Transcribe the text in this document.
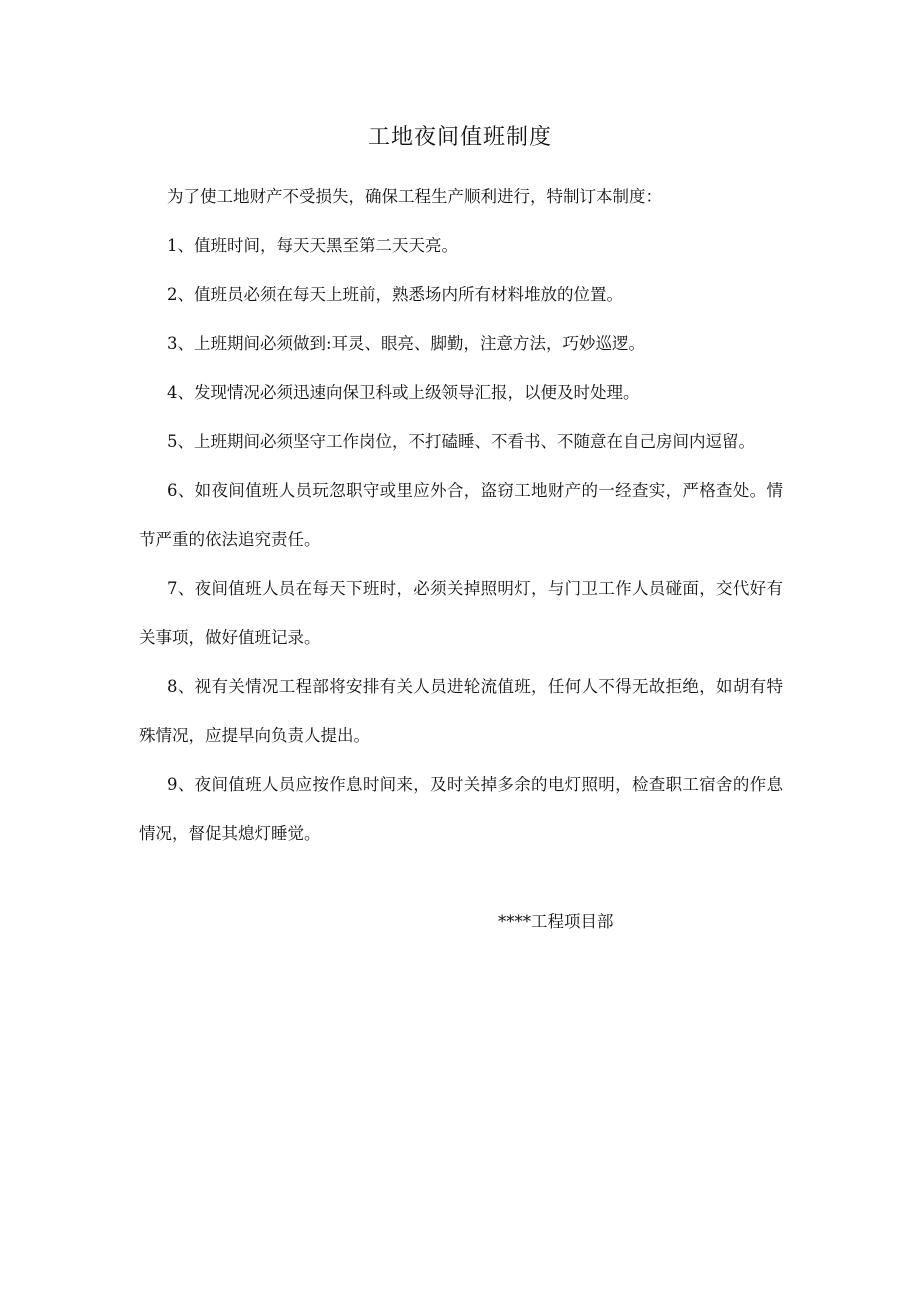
工地夜间值班制度

为了使工地财产不受损失，确保工程生产顺利进行，特制订本制度：

1、值班时间，每天天黑至第二天天亮。

2、值班员必须在每天上班前，熟悉场内所有材料堆放的位置。

3、上班期间必须做到:耳灵、眼亮、脚勤，注意方法，巧妙巡逻。

4、发现情况必须迅速向保卫科或上级领导汇报，以便及时处理。

5、上班期间必须坚守工作岗位，不打磕睡、不看书、不随意在自己房间内逗留。

6、如夜间值班人员玩忽职守或里应外合，盗窃工地财产的一经查实，严格查处。情节严重的依法追究责任。

7、夜间值班人员在每天下班时，必须关掉照明灯，与门卫工作人员碰面，交代好有关事项，做好值班记录。

8、视有关情况工程部将安排有关人员进轮流值班，任何人不得无故拒绝，如胡有特殊情况，应提早向负责人提出。

9、夜间值班人员应按作息时间来，及时关掉多余的电灯照明，检查职工宿舍的作息情况，督促其熄灯睡觉。

****工程项目部
